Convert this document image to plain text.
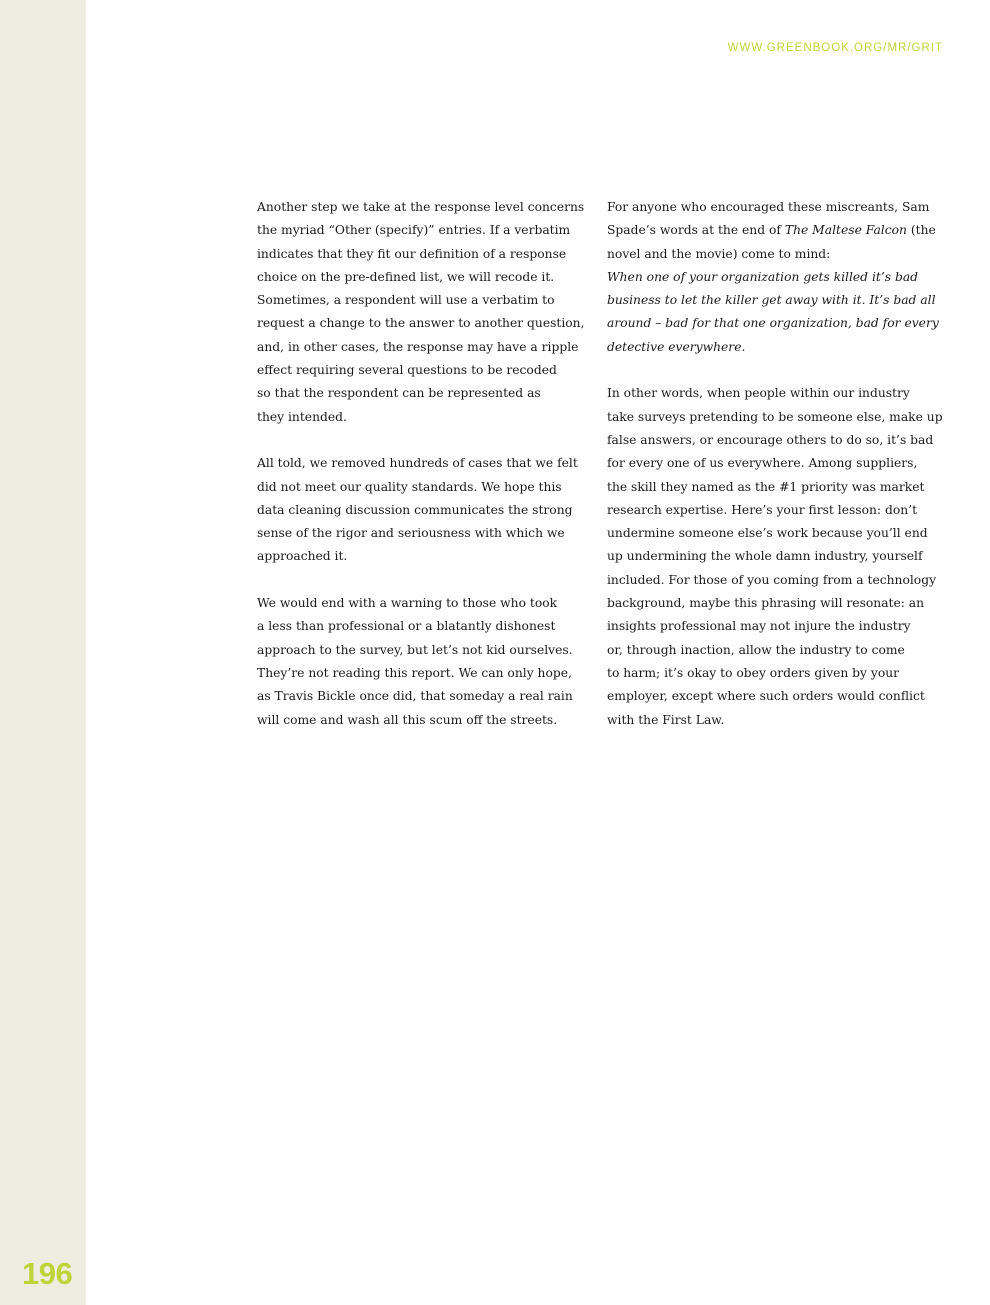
196
WWW.GREENBOOK.ORG/MR/GRIT

Another step we take at the response level concerns
the myriad “Other (specify)” entries. If a verbatim
indicates that they fit our definition of a response
choice on the pre-defined list, we will recode it.
Sometimes, a respondent will use a verbatim to
request a change to the answer to another question,
and, in other cases, the response may have a ripple
effect requiring several questions to be recoded
so that the respondent can be represented as
they intended.

All told, we removed hundreds of cases that we felt
did not meet our quality standards. We hope this
data cleaning discussion communicates the strong
sense of the rigor and seriousness with which we
approached it.

We would end with a warning to those who took
a less than professional or a blatantly dishonest
approach to the survey, but let’s not kid ourselves.
They’re not reading this report. We can only hope,
as Travis Bickle once did, that someday a real rain
will come and wash all this scum off the streets.

For anyone who encouraged these miscreants, Sam
Spade’s words at the end of The Maltese Falcon (the
novel and the movie) come to mind:
When one of your organization gets killed it’s bad
business to let the killer get away with it. It’s bad all
around – bad for that one organization, bad for every
detective everywhere.

In other words, when people within our industry
take surveys pretending to be someone else, make up
false answers, or encourage others to do so, it’s bad
for every one of us everywhere. Among suppliers,
the skill they named as the #1 priority was market
research expertise. Here’s your first lesson: don’t
undermine someone else’s work because you’ll end
up undermining the whole damn industry, yourself
included. For those of you coming from a technology
background, maybe this phrasing will resonate: an
insights professional may not injure the industry
or, through inaction, allow the industry to come
to harm; it’s okay to obey orders given by your
employer, except where such orders would conflict
with the First Law.
